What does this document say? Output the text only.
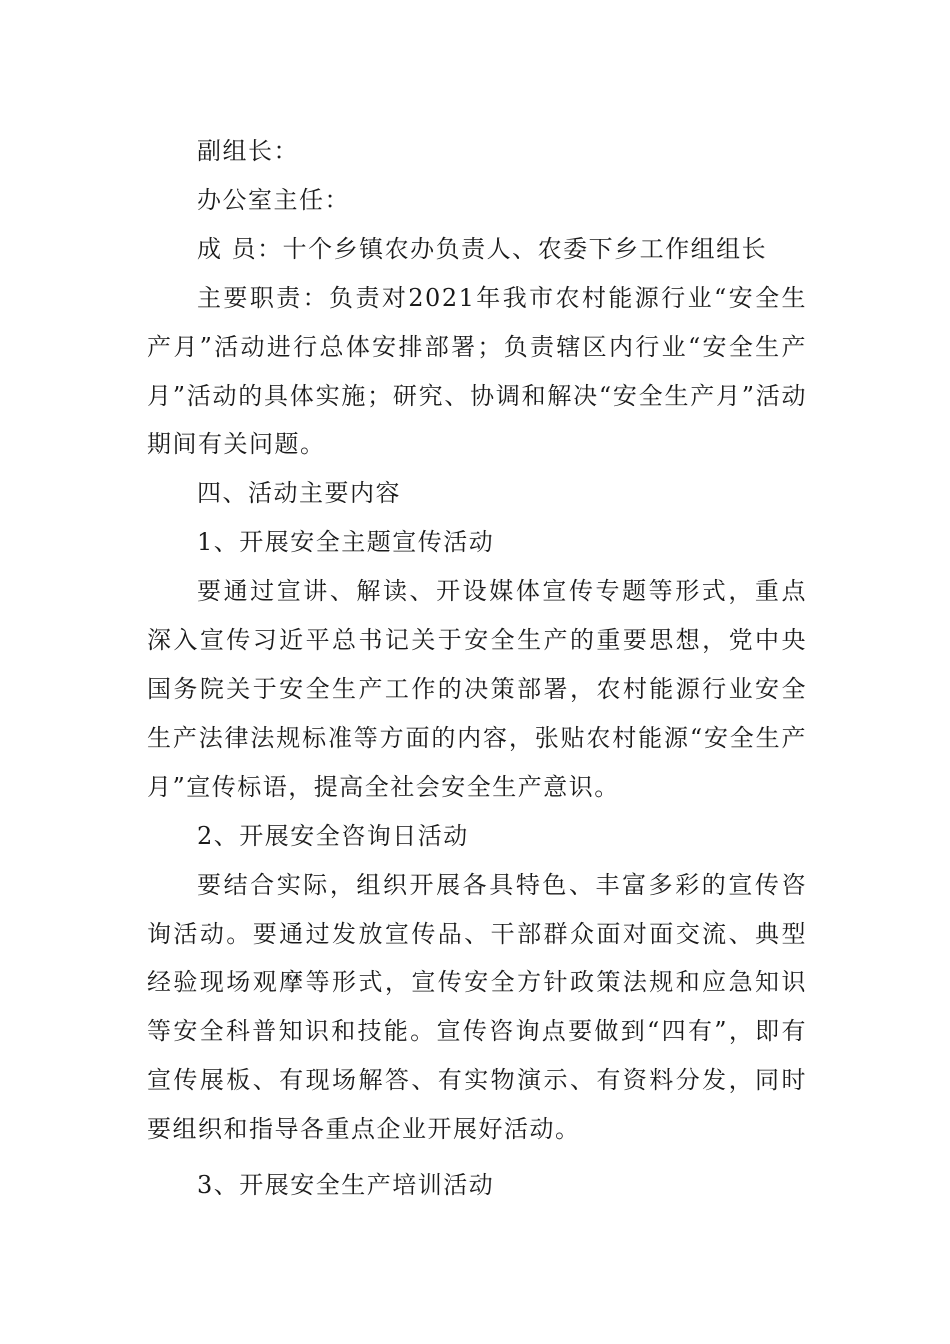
副组长：

办公室主任：

成 员：十个乡镇农办负责人、农委下乡工作组组长

主要职责：负责对2021年我市农村能源行业“安全生产月”活动进行总体安排部署；负责辖区内行业“安全生产月”活动的具体实施；研究、协调和解决“安全生产月”活动期间有关问题。

四、活动主要内容

1、开展安全主题宣传活动

要通过宣讲、解读、开设媒体宣传专题等形式，重点深入宣传习近平总书记关于安全生产的重要思想，党中央国务院关于安全生产工作的决策部署，农村能源行业安全生产法律法规标准等方面的内容，张贴农村能源“安全生产月”宣传标语，提高全社会安全生产意识。

2、开展安全咨询日活动

要结合实际，组织开展各具特色、丰富多彩的宣传咨询活动。要通过发放宣传品、干部群众面对面交流、典型经验现场观摩等形式，宣传安全方针政策法规和应急知识等安全科普知识和技能。宣传咨询点要做到“四有”，即有宣传展板、有现场解答、有实物演示、有资料分发，同时要组织和指导各重点企业开展好活动。

3、开展安全生产培训活动
